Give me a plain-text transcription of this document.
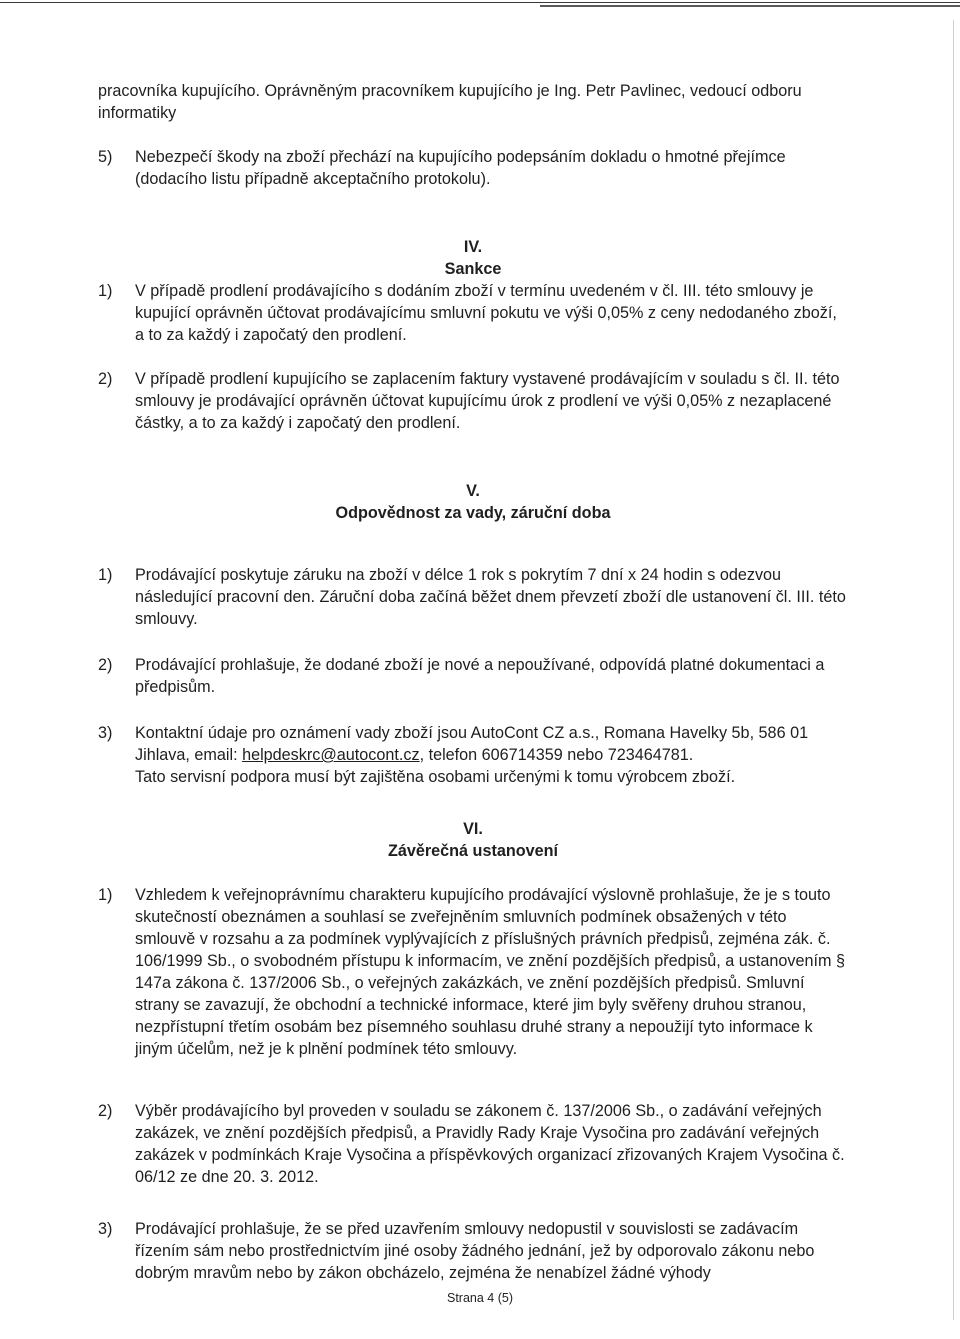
pracovníka kupujícího. Oprávněným pracovníkem kupujícího je Ing. Petr Pavlinec, vedoucí odboru informatiky

5)	Nebezpečí škody na zboží přechází na kupujícího podepsáním dokladu o hmotné přejímce (dodacího listu případně akceptačního protokolu).
IV.
Sankce
1)	V případě prodlení prodávajícího s dodáním zboží v termínu uvedeném v čl. III. této smlouvy je kupující oprávněn účtovat prodávajícímu smluvní pokutu ve výši 0,05% z ceny nedodaného zboží, a to za každý i započatý den prodlení.
2)	V případě prodlení kupujícího se zaplacením faktury vystavené prodávajícím v souladu s čl. II. této smlouvy je prodávající oprávněn účtovat kupujícímu úrok z prodlení ve výši 0,05% z nezaplacené částky, a to za každý i započatý den prodlení.
V.
Odpovědnost za vady, záruční doba
1)	Prodávající poskytuje záruku na zboží v délce 1 rok s pokrytím 7 dní x 24 hodin s odezvou následující pracovní den. Záruční doba začíná běžet dnem převzetí zboží dle ustanovení čl. III. této smlouvy.
2)	Prodávající prohlašuje, že dodané zboží je nové a nepoužívané, odpovídá platné dokumentaci a předpisům.
3)	Kontaktní údaje pro oznámení vady zboží jsou AutoCont CZ a.s., Romana Havelky 5b, 586 01 Jihlava, email: helpdeskrc@autocont.cz, telefon 606714359 nebo 723464781.

Tato servisní podpora musí být zajištěna osobami určenými k tomu výrobcem zboží.

VI.
Závěrečná ustanovení
1)	Vzhledem k veřejnoprávnímu charakteru kupujícího prodávající výslovně prohlašuje, že je s touto skutečností obeznámen a souhlasí se zveřejněním smluvních podmínek obsažených v této smlouvě v rozsahu a za podmínek vyplývajících z příslušných právních předpisů, zejména zák. č. 106/1999 Sb., o svobodném přístupu k informacím, ve znění pozdějších předpisů, a ustanovením § 147a zákona č. 137/2006 Sb., o veřejných zakázkách, ve znění pozdějších předpisů. Smluvní strany se zavazují, že obchodní a technické informace, které jim byly svěřeny druhou stranou, nezpřístupní třetím osobám bez písemného souhlasu druhé strany a nepoužijí tyto informace k jiným účelům, než je k plnění podmínek této smlouvy.
2)	Výběr prodávajícího byl proveden v souladu se zákonem č. 137/2006 Sb., o zadávání veřejných zakázek, ve znění pozdějších předpisů, a Pravidly Rady Kraje Vysočina pro zadávání veřejných zakázek v podmínkách Kraje Vysočina a příspěvkových organizací zřizovaných Krajem Vysočina č. 06/12 ze dne 20. 3. 2012.
3)	Prodávající prohlašuje, že se před uzavřením smlouvy nedopustil v souvislosti se zadávacím řízením sám nebo prostřednictvím jiné osoby žádného jednání, jež by odporovalo zákonu nebo dobrým mravům nebo by zákon obcházelo, zejména že nenabízel žádné výhody
Strana 4 (5)
